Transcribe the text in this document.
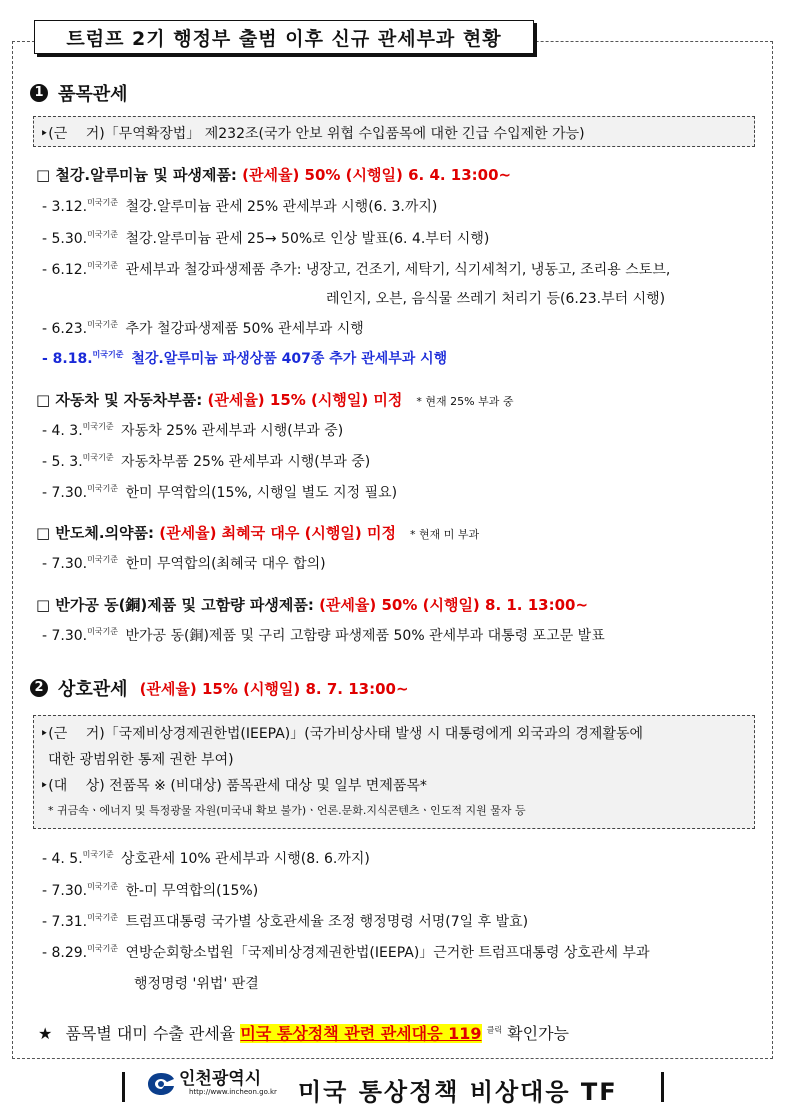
트럼프 2기 행정부 출범 이후 신규 관세부과 현황
1 품목관세
‣(근　 거)「무역확장법」 제232조(국가 안보 위협 수입품목에 대한 긴급 수입제한 가능)
□ 철강.알루미늄 및 파생제품: (관세율) 50% (시행일) 6. 4. 13:00~
- 3.12.$^{미국기준}$ 철강.알루미늄 관세 25% 관세부과 시행(6. 3.까지)
- 5.30.$^{미국기준}$ 철강.알루미늄 관세 25→ 50%로 인상 발표(6. 4.부터 시행)
- 6.12.$^{미국기준}$ 관세부과 철강파생제품 추가: 냉장고, 건조기, 세탁기, 식기세척기, 냉동고, 조리용 스토브,
레인지, 오븐, 음식물 쓰레기 처리기 등(6.23.부터 시행)
- 6.23.$^{미국기준}$ 추가 철강파생제품 50% 관세부과 시행
- 8.18.$^{미국기준}$ 철강.알루미늄 파생상품 407종 추가 관세부과 시행
□ 자동차 및 자동차부품: (관세율) 15% (시행일) 미정 * 현재 25% 부과 중
- 4. 3.$^{미국기준}$ 자동차 25% 관세부과 시행(부과 중)
- 5. 3.$^{미국기준}$ 자동차부품 25% 관세부과 시행(부과 중)
- 7.30.$^{미국기준}$ 한미 무역합의(15%, 시행일 별도 지정 필요)
□ 반도체.의약품: (관세율) 최혜국 대우 (시행일) 미정 * 현재 미 부과
- 7.30.$^{미국기준}$ 한미 무역합의(최혜국 대우 합의)
□ 반가공 동(銅)제품 및 고함량 파생제품: (관세율) 50% (시행일) 8. 1. 13:00~
- 7.30.$^{미국기준}$ 반가공 동(銅)제품 및 구리 고함량 파생제품 50% 관세부과 대통령 포고문 발표
2 상호관세 (관세율) 15% (시행일) 8. 7. 13:00~
‣(근　 거)「국제비상경제권한법(IEEPA)」(국가비상사태 발생 시 대통령에게 외국과의 경제활동에
대한 광범위한 통제 권한 부여)
‣(대　 상) 전품목 ※ (비대상) 품목관세 대상 및 일부 면제품목*
* 귀금속ㆍ에너지 및 특정광물 자원(미국내 확보 불가)ㆍ언론.문화.지식콘텐츠ㆍ인도적 지원 물자 등
- 4. 5.$^{미국기준}$ 상호관세 10% 관세부과 시행(8. 6.까지)
- 7.30.$^{미국기준}$ 한-미 무역합의(15%)
- 7.31.$^{미국기준}$ 트럼프대통령 국가별 상호관세율 조정 행정명령 서명(7일 후 발효)
- 8.29.$^{미국기준}$ 연방순회항소법원「국제비상경제권한법(IEEPA)」근거한 트럼프대통령 상호관세 부과
행정명령 '위법' 판결
★ 품목별 대미 수출 관세율 미국 통상정책 관련 관세대응 119 $^{클릭}$ 확인가능
인천광역시
http://www.incheon.go.kr 미국 통상정책 비상대응 TF
